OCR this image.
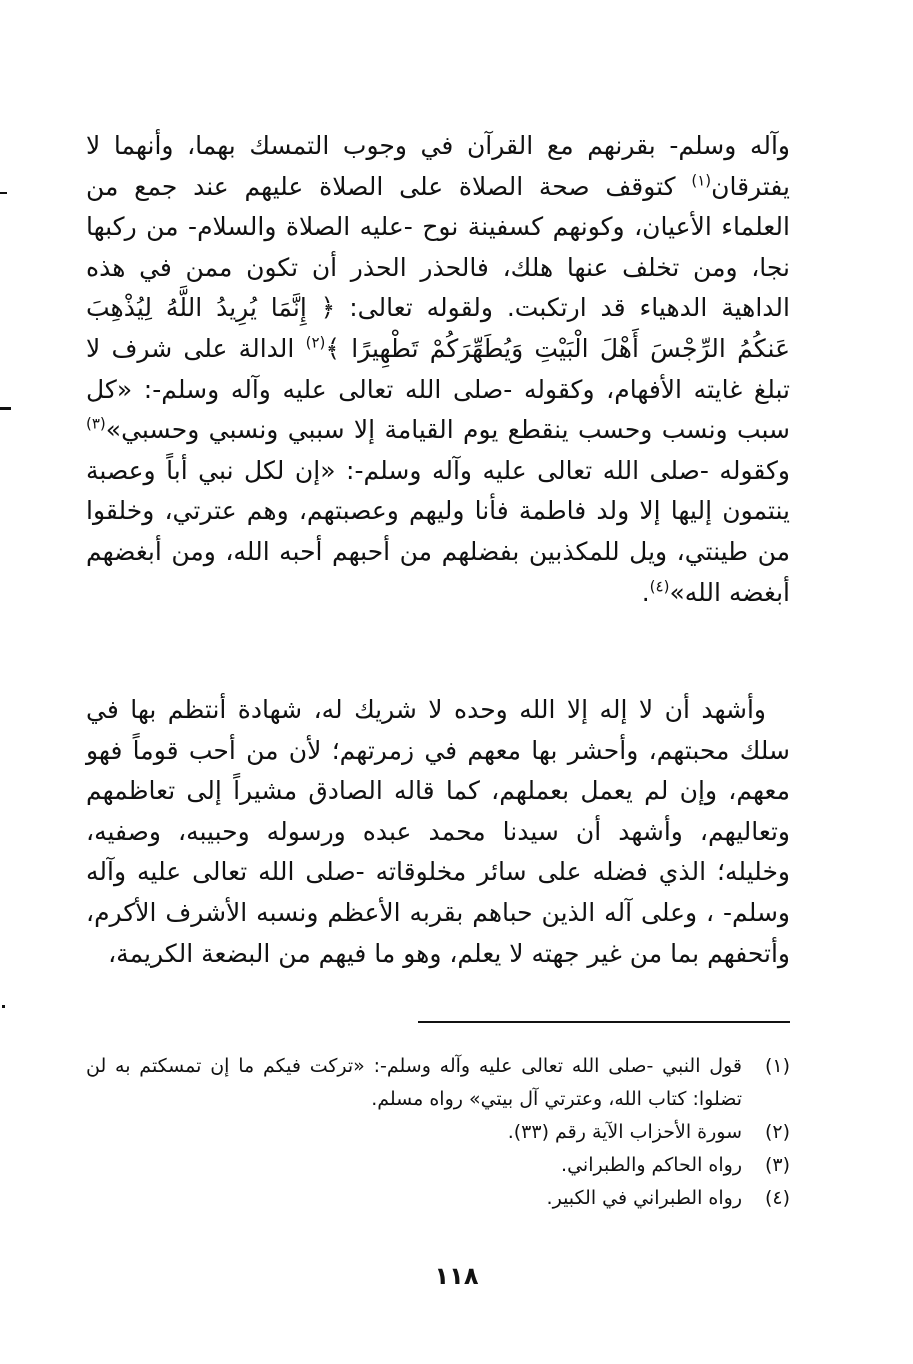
وآله وسلم- بقرنهم مع القرآن في وجوب التمسك بهما، وأنهما لا يفترقان$^{(١)}$ كتوقف صحة الصلاة على الصلاة عليهم عند جمع من العلماء الأعيان، وكونهم كسفينة نوح -عليه الصلاة والسلام- من ركبها نجا، ومن تخلف عنها هلك، فالحذر الحذر أن تكون ممن في هذه الداهية الدهياء قد ارتكبت. ولقوله تعالى: ﴿ إِنَّمَا يُرِيدُ اللَّهُ لِيُذْهِبَ عَنكُمُ الرِّجْسَ أَهْلَ الْبَيْتِ وَيُطَهِّرَكُمْ تَطْهِيرًا ﴾$^{(٢)}$ الدالة على شرف لا تبلغ غايته الأفهام، وكقوله -صلى الله تعالى عليه وآله وسلم-: «كل سبب ونسب وحسب ينقطع يوم القيامة إلا سببي ونسبي وحسبي»$^{(٣)}$ وكقوله -صلى الله تعالى عليه وآله وسلم-: «إن لكل نبي أباً وعصبة ينتمون إليها إلا ولد فاطمة فأنا وليهم وعصبتهم، وهم عترتي، وخلقوا من طينتي، ويل للمكذبين بفضلهم من أحبهم أحبه الله، ومن أبغضهم أبغضه الله»$^{(٤)}$.

وأشهد أن لا إله إلا الله وحده لا شريك له، شهادة أنتظم بها في سلك محبتهم، وأحشر بها معهم في زمرتهم؛ لأن من أحب قوماً فهو معهم، وإن لم يعمل بعملهم، كما قاله الصادق مشيراً إلى تعاظمهم وتعاليهم، وأشهد أن سيدنا محمد عبده ورسوله وحبيبه، وصفيه، وخليله؛ الذي فضله على سائر مخلوقاته -صلى الله تعالى عليه وآله وسلم- ، وعلى آله الذين حباهم بقربه الأعظم ونسبه الأشرف الأكرم، وأتحفهم بما من غير جهته لا يعلم، وهو ما فيهم من البضعة الكريمة،

(١)
قول النبي -صلى الله تعالى عليه وآله وسلم-: «تركت فيكم ما إن تمسكتم به لن تضلوا: كتاب الله، وعترتي آل بيتي» رواه مسلم.
(٢)
سورة الأحزاب الآية رقم (٣٣).
(٣)
رواه الحاكم والطبراني.
(٤)
رواه الطبراني في الكبير.
١١٨
